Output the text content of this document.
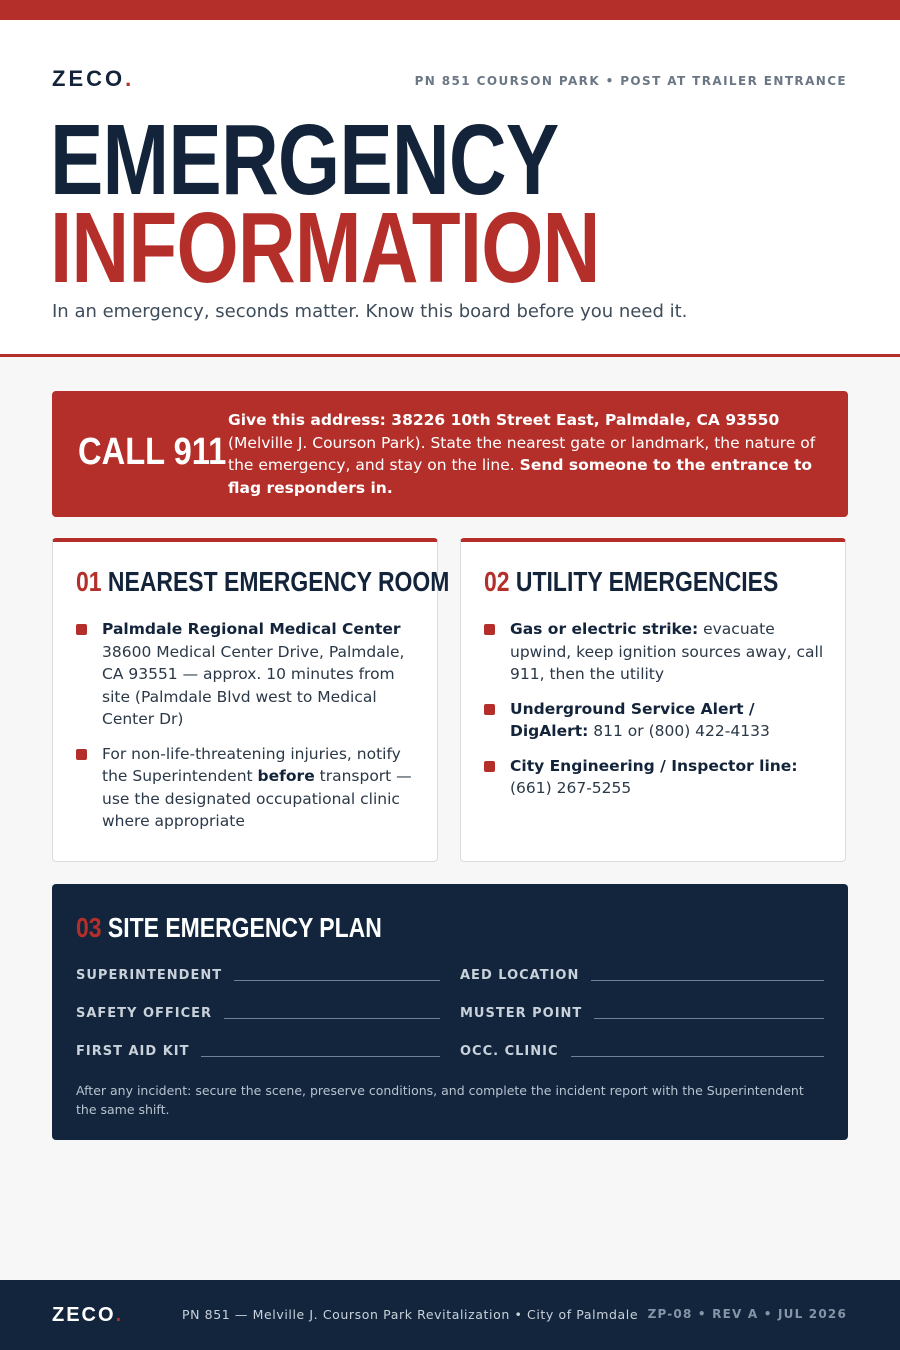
ZECO.	PN 851 COURSON PARK • POST AT TRAILER ENTRANCE
EMERGENCY
INFORMATION
In an emergency, seconds matter. Know this board before you need it.
CALL 911
Give this address: 38226 10th Street East, Palmdale, CA 93550 (Melville J. Courson Park). State the nearest gate or landmark, the nature of the emergency, and stay on the line. Send someone to the entrance to flag responders in.
01 NEAREST EMERGENCY ROOM
Palmdale Regional Medical Center
38600 Medical Center Drive, Palmdale, CA 93551 — approx. 10 minutes from site (Palmdale Blvd west to Medical Center Dr)
For non-life-threatening injuries, notify the Superintendent before transport — use the designated occupational clinic where appropriate
02 UTILITY EMERGENCIES
Gas or electric strike: evacuate upwind, keep ignition sources away, call 911, then the utility
Underground Service Alert / DigAlert: 811 or (800) 422-4133
City Engineering / Inspector line: (661) 267-5255
03 SITE EMERGENCY PLAN
SUPERINTENDENT
SAFETY OFFICER
FIRST AID KIT
AED LOCATION
MUSTER POINT
OCC. CLINIC
After any incident: secure the scene, preserve conditions, and complete the incident report with the Superintendent the same shift.
ZECO.	PN 851 — Melville J. Courson Park Revitalization • City of Palmdale ZP-08 • REV A • JUL 2026
